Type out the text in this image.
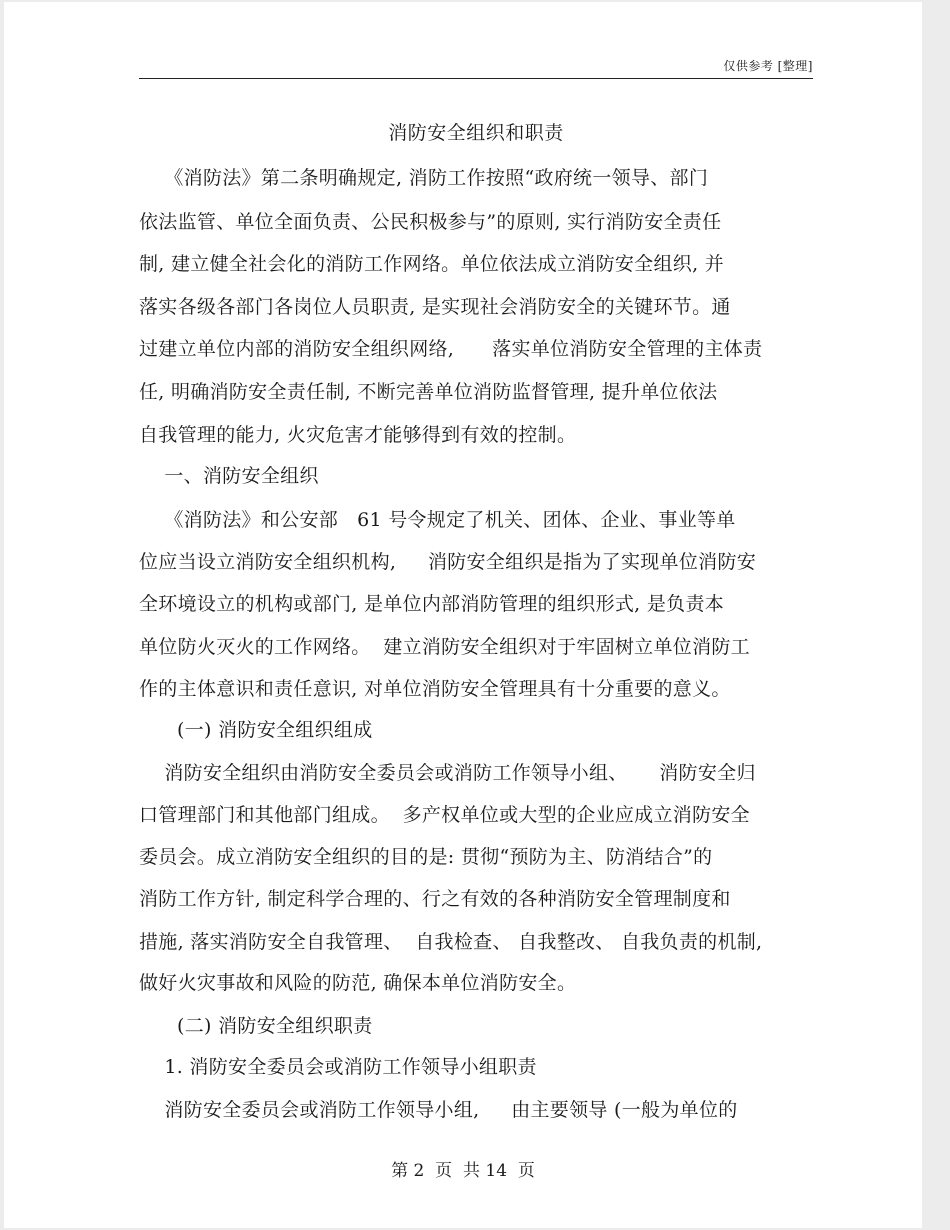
仅供参考 [整理]
消防安全组织和职责
《消防法》第二条明确规定, 消防工作按照“政府统一领导、部门
依法监管、单位全面负责、公民积极参与”的原则, 实行消防安全责任
制, 建立健全社会化的消防工作网络。单位依法成立消防安全组织, 并
落实各级各部门各岗位人员职责, 是实现社会消防安全的关键环节。通
过建立单位内部的消防安全组织网络,      落实单位消防安全管理的主体责
任, 明确消防安全责任制, 不断完善单位消防监督管理, 提升单位依法
自我管理的能力, 火灾危害才能够得到有效的控制。
一、消防安全组织
《消防法》和公安部   61 号令规定了机关、团体、企业、事业等单
位应当设立消防安全组织机构,     消防安全组织是指为了实现单位消防安
全环境设立的机构或部门, 是单位内部消防管理的组织形式, 是负责本
单位防火灭火的工作网络。  建立消防安全组织对于牢固树立单位消防工
作的主体意识和责任意识, 对单位消防安全管理具有十分重要的意义。
(一) 消防安全组织组成
消防安全组织由消防安全委员会或消防工作领导小组、     消防安全归
口管理部门和其他部门组成。  多产权单位或大型的企业应成立消防安全
委员会。成立消防安全组织的目的是: 贯彻“预防为主、防消结合”的
消防工作方针, 制定科学合理的、行之有效的各种消防安全管理制度和
措施, 落实消防安全自我管理、  自我检查、 自我整改、 自我负责的机制,
做好火灾事故和风险的防范, 确保本单位消防安全。
(二) 消防安全组织职责
1. 消防安全委员会或消防工作领导小组职责
消防安全委员会或消防工作领导小组,     由主要领导 (一般为单位的
第 2  页  共 14  页
